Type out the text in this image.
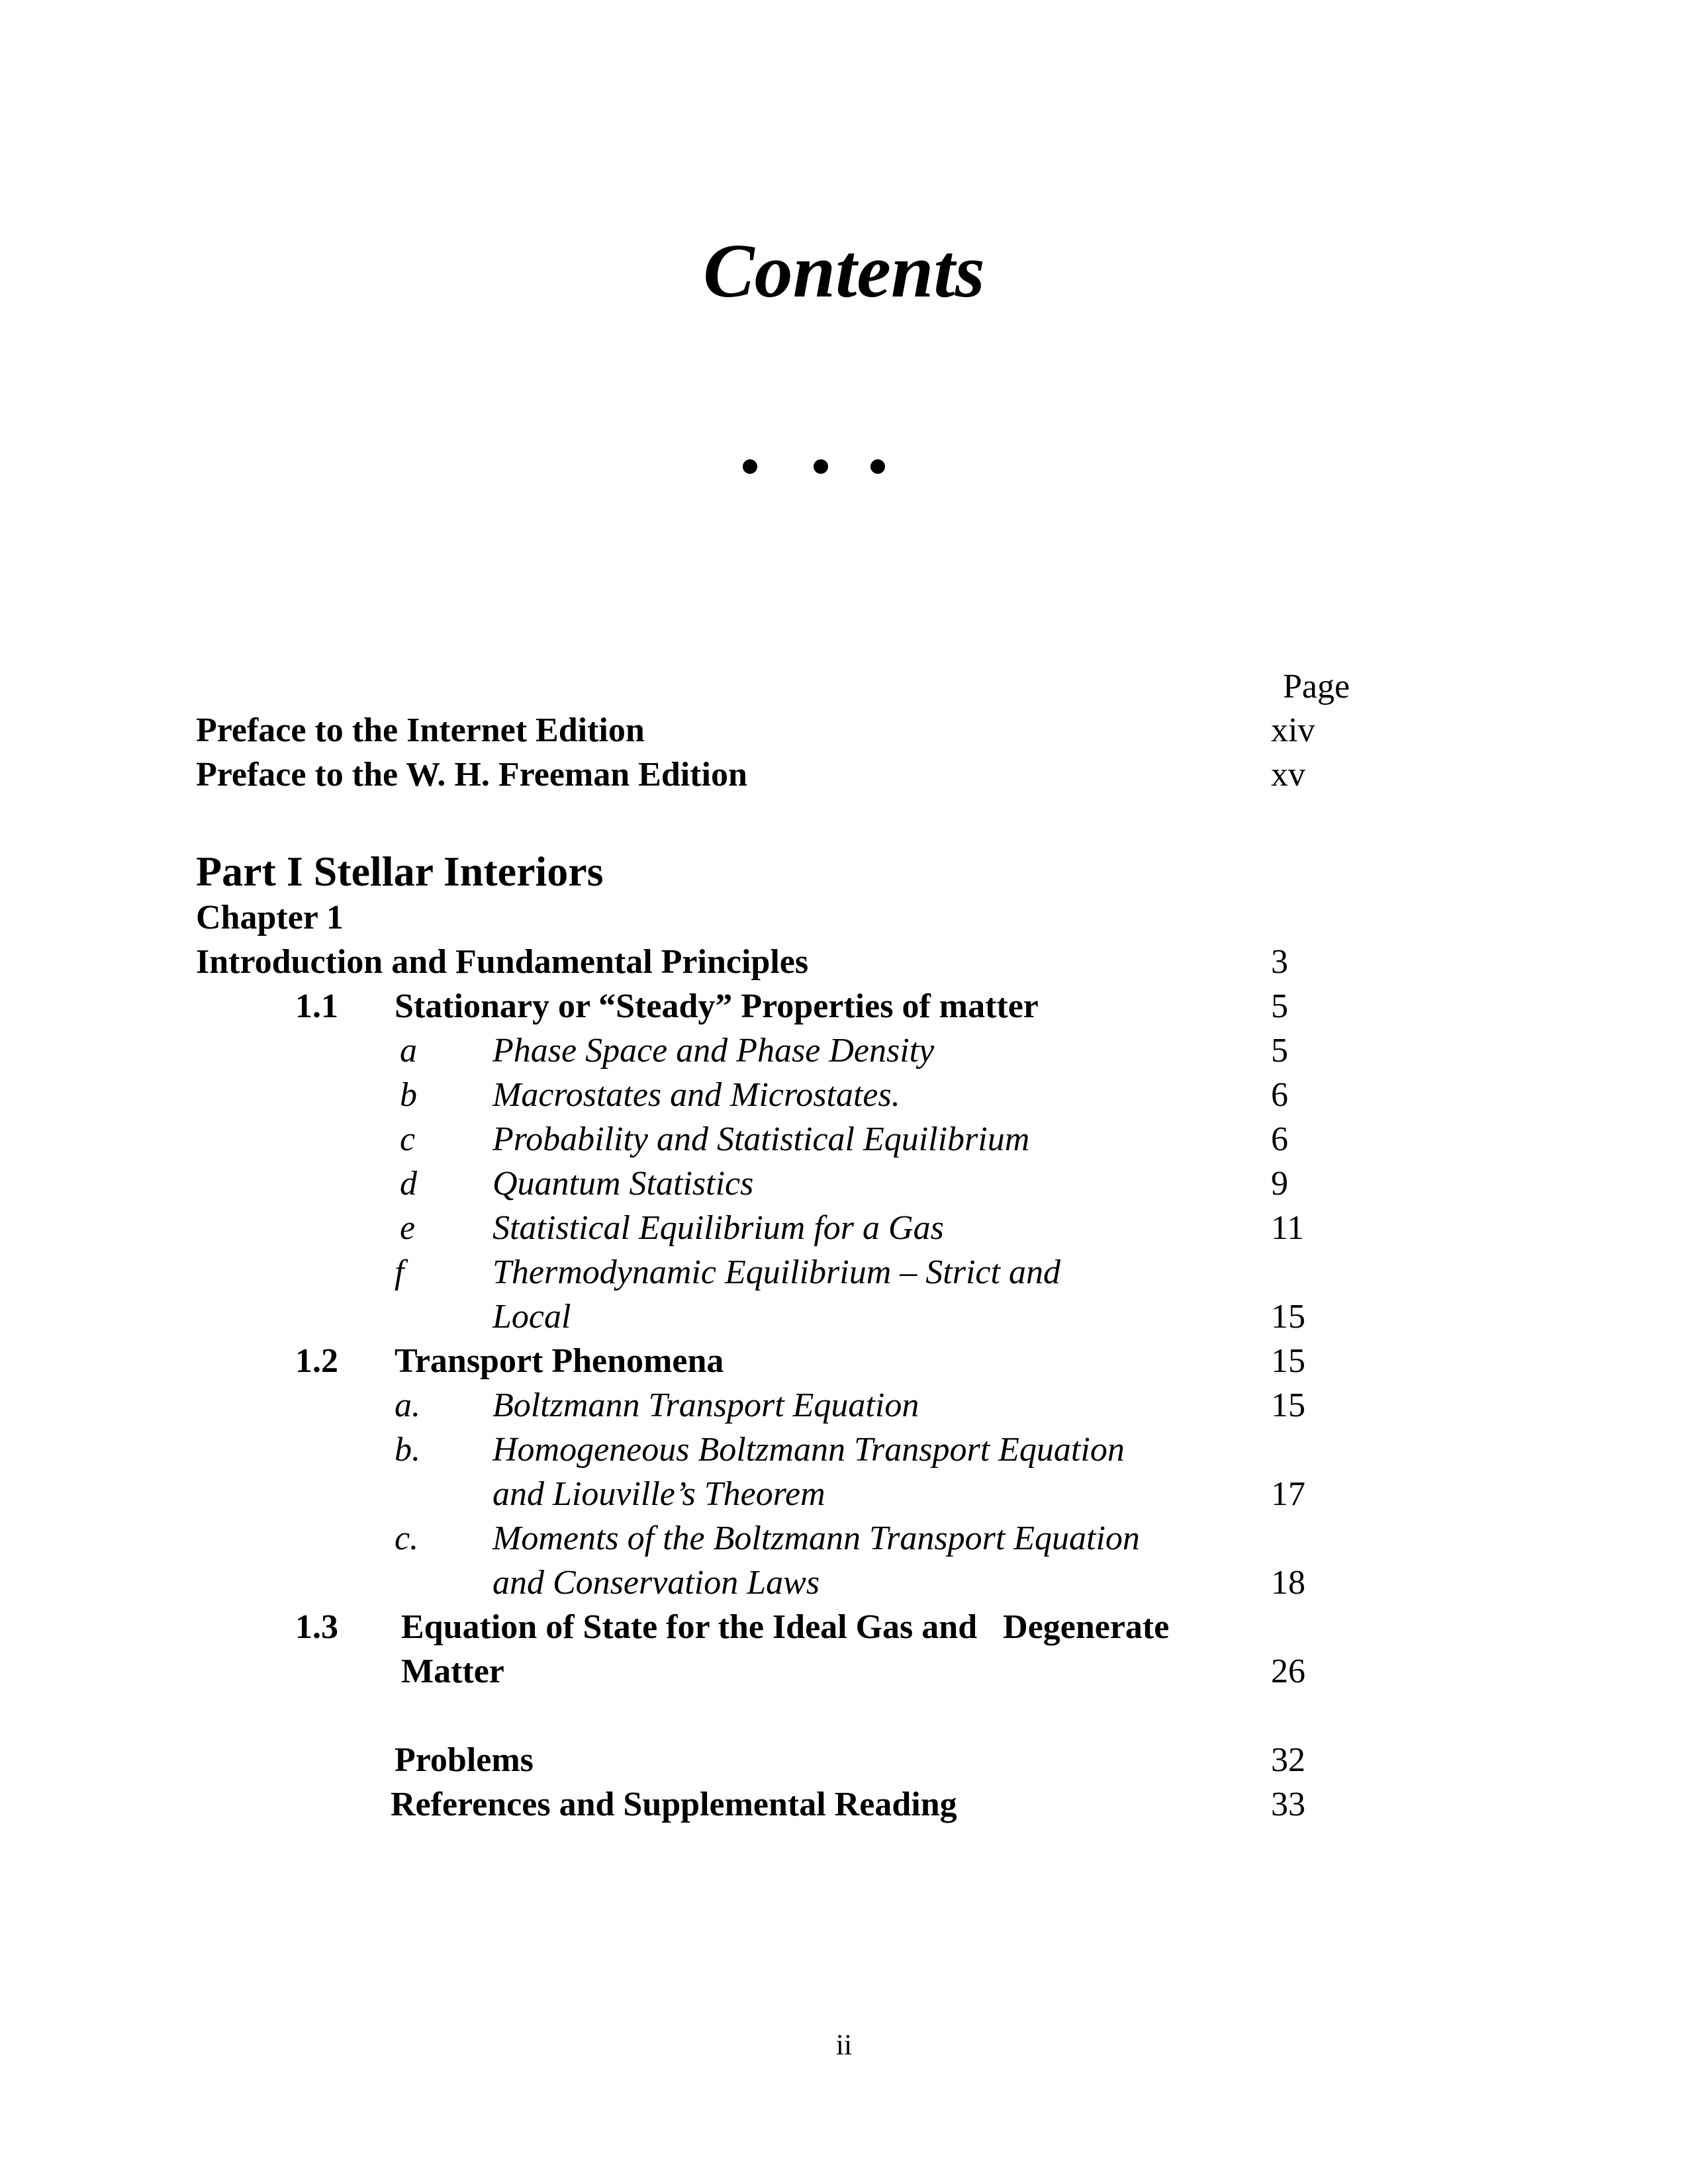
Contents
Page
Preface to the Internet Edition	xiv
Preface to the W. H. Freeman Edition	xv
Part I Stellar Interiors
Chapter 1
Introduction and Fundamental Principles	3
1.1 Stationary or “Steady” Properties of matter	5
a Phase Space and Phase Density	5
b Macrostates and Microstates.	6
c Probability and Statistical Equilibrium	6
d Quantum Statistics	9
e Statistical Equilibrium for a Gas	11
f	Thermodynamic Equilibrium – Strict and
Local	15
1.2 Transport Phenomena	15
a. Boltzmann Transport Equation	15
b. Homogeneous Boltzmann Transport Equation
and Liouville’s Theorem	17
c. Moments of the Boltzmann Transport Equation
and Conservation Laws	18
1.3 Equation of State for the Ideal Gas and   Degenerate
Matter	26
Problems	32
References and Supplemental Reading	33
ii
